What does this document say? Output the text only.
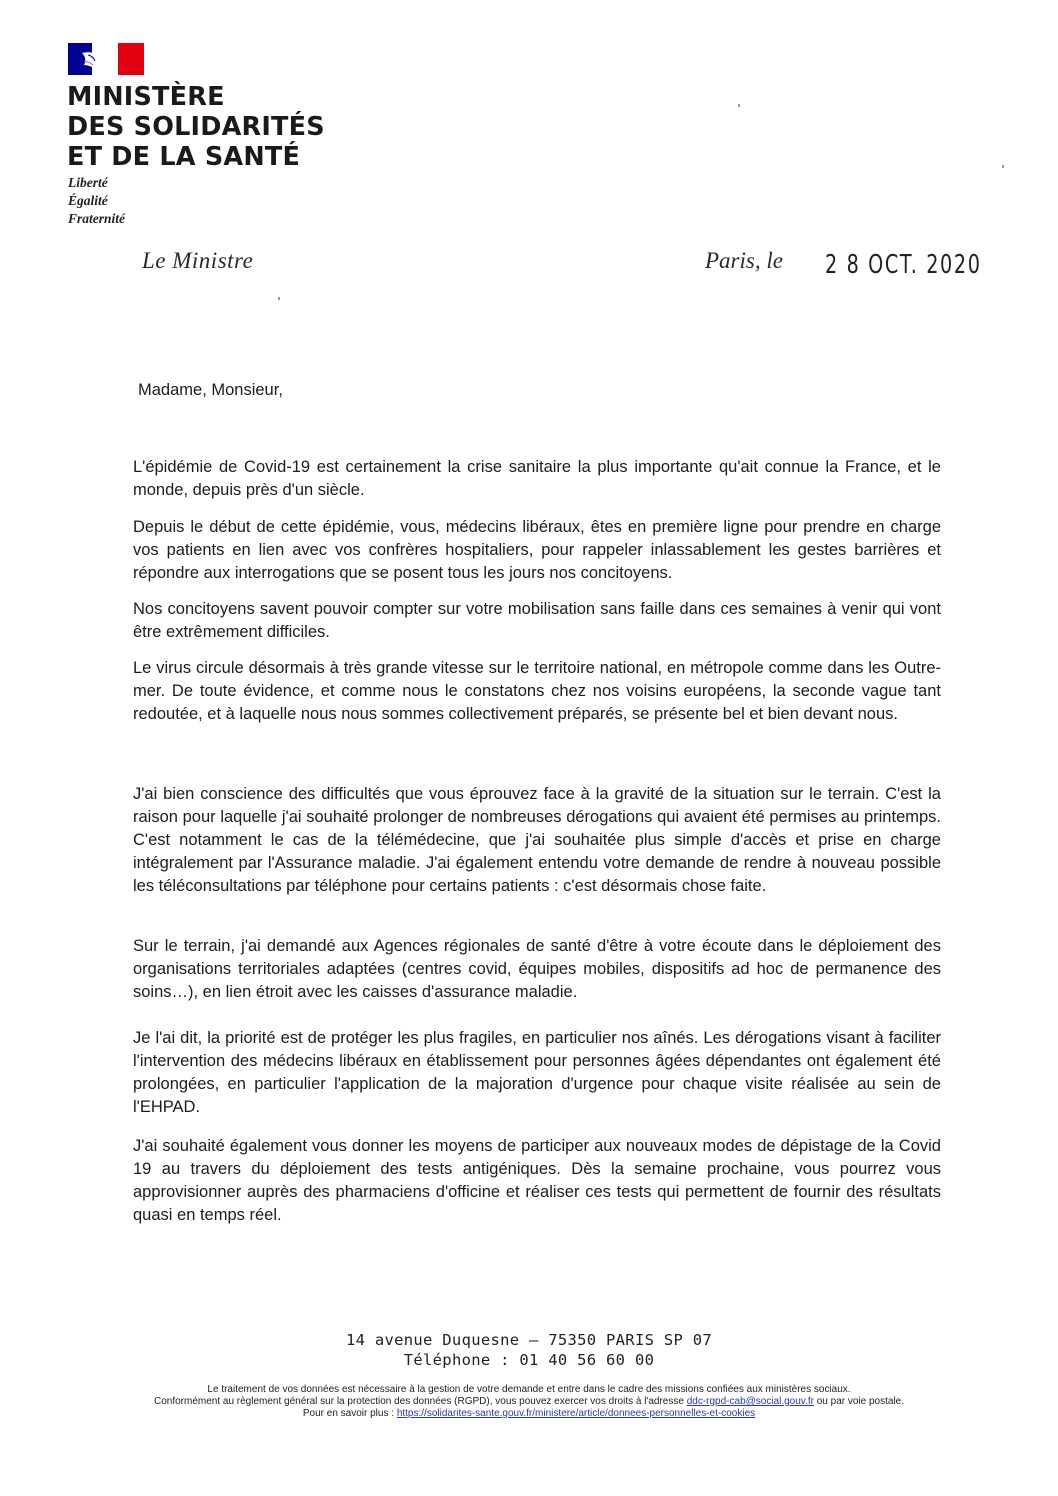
MINISTÈRE
DES SOLIDARITÉS
ET DE LA SANTÉ
Liberté
Égalité
Fraternité
Le Ministre	Paris, le 2 8 OCT. 2020
Madame, Monsieur,

L'épidémie de Covid-19 est certainement la crise sanitaire la plus importante qu'ait connue la France, et le monde, depuis près d'un siècle.

Depuis le début de cette épidémie, vous, médecins libéraux, êtes en première ligne pour prendre en charge vos patients en lien avec vos confrères hospitaliers, pour rappeler inlassablement les gestes barrières et répondre aux interrogations que se posent tous les jours nos concitoyens.

Nos concitoyens savent pouvoir compter sur votre mobilisation sans faille dans ces semaines à venir qui vont être extrêmement difficiles.

Le virus circule désormais à très grande vitesse sur le territoire national, en métropole comme dans les Outre-mer. De toute évidence, et comme nous le constatons chez nos voisins européens, la seconde vague tant redoutée, et à laquelle nous nous sommes collectivement préparés, se présente bel et bien devant nous.

J'ai bien conscience des difficultés que vous éprouvez face à la gravité de la situation sur le terrain. C'est la raison pour laquelle j'ai souhaité prolonger de nombreuses dérogations qui avaient été permises au printemps. C'est notamment le cas de la télémédecine, que j'ai souhaitée plus simple d'accès et prise en charge intégralement par l'Assurance maladie. J'ai également entendu votre demande de rendre à nouveau possible les téléconsultations par téléphone pour certains patients : c'est désormais chose faite.

Sur le terrain, j'ai demandé aux Agences régionales de santé d'être à votre écoute dans le déploiement des organisations territoriales adaptées (centres covid, équipes mobiles, dispositifs ad hoc de permanence des soins…), en lien étroit avec les caisses d'assurance maladie.

Je l'ai dit, la priorité est de protéger les plus fragiles, en particulier nos aînés. Les dérogations visant à faciliter l'intervention des médecins libéraux en établissement pour personnes âgées dépendantes ont également été prolongées, en particulier l'application de la majoration d'urgence pour chaque visite réalisée au sein de l'EHPAD.

J'ai souhaité également vous donner les moyens de participer aux nouveaux modes de dépistage de la Covid 19 au travers du déploiement des tests antigéniques. Dès la semaine prochaine, vous pourrez vous approvisionner auprès des pharmaciens d'officine et réaliser ces tests qui permettent de fournir des résultats quasi en temps réel.

14 avenue Duquesne – 75350 PARIS SP 07
Téléphone : 01 40 56 60 00
Le traitement de vos données est nécessaire à la gestion de votre demande et entre dans le cadre des missions confiées aux ministères sociaux.
Conformément au règlement général sur la protection des données (RGPD), vous pouvez exercer vos droits à l'adresse ddc-rgpd-cab@social.gouv.fr ou par voie postale.
Pour en savoir plus : https://solidarites-sante.gouv.fr/ministere/article/donnees-personnelles-et-cookies
